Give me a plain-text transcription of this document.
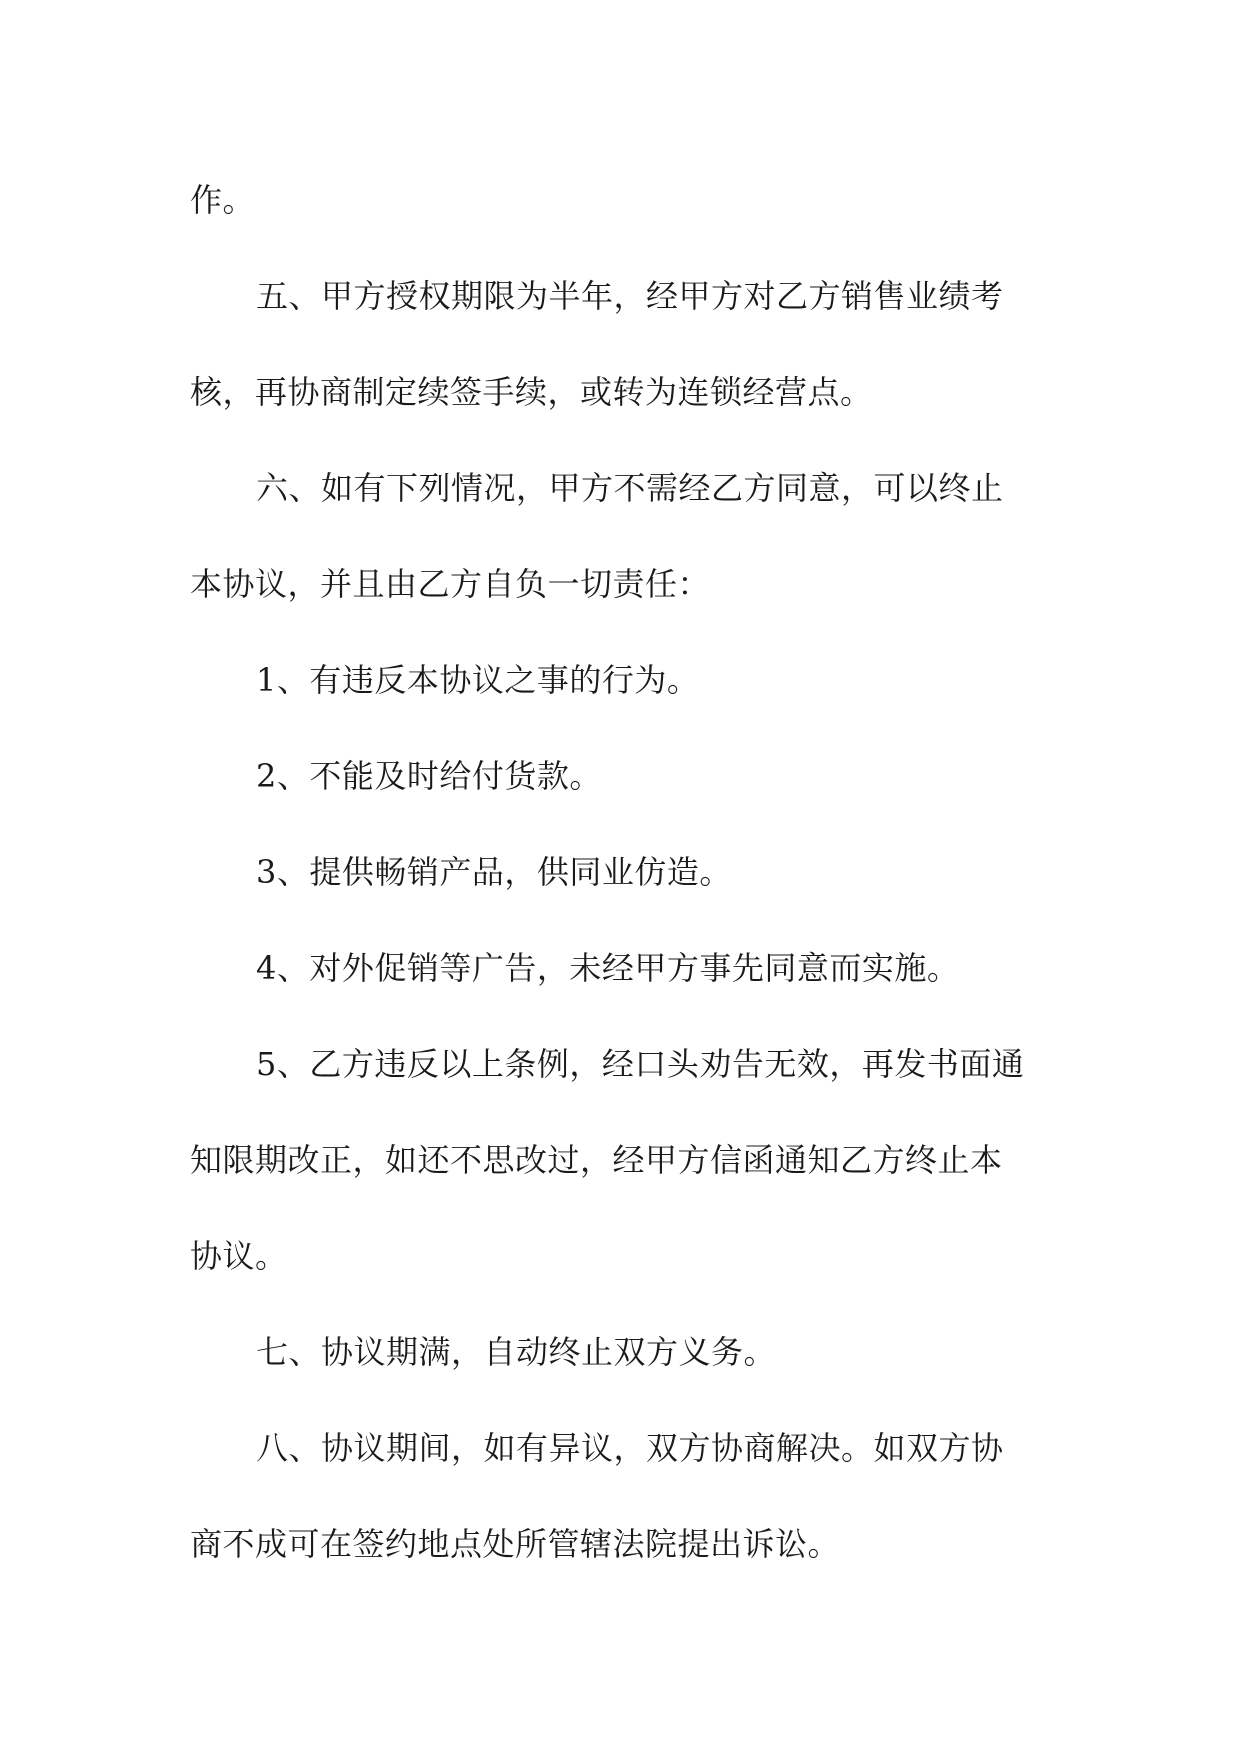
作。
五、甲方授权期限为半年，经甲方对乙方销售业绩考
核，再协商制定续签手续，或转为连锁经营点。
六、如有下列情况，甲方不需经乙方同意，可以终止
本协议，并且由乙方自负一切责任：
1、有违反本协议之事的行为。
2、不能及时给付货款。
3、提供畅销产品，供同业仿造。
4、对外促销等广告，未经甲方事先同意而实施。
5、乙方违反以上条例，经口头劝告无效，再发书面通
知限期改正，如还不思改过，经甲方信函通知乙方终止本
协议。
七、协议期满，自动终止双方义务。
八、协议期间，如有异议，双方协商解决。如双方协
商不成可在签约地点处所管辖法院提出诉讼。
